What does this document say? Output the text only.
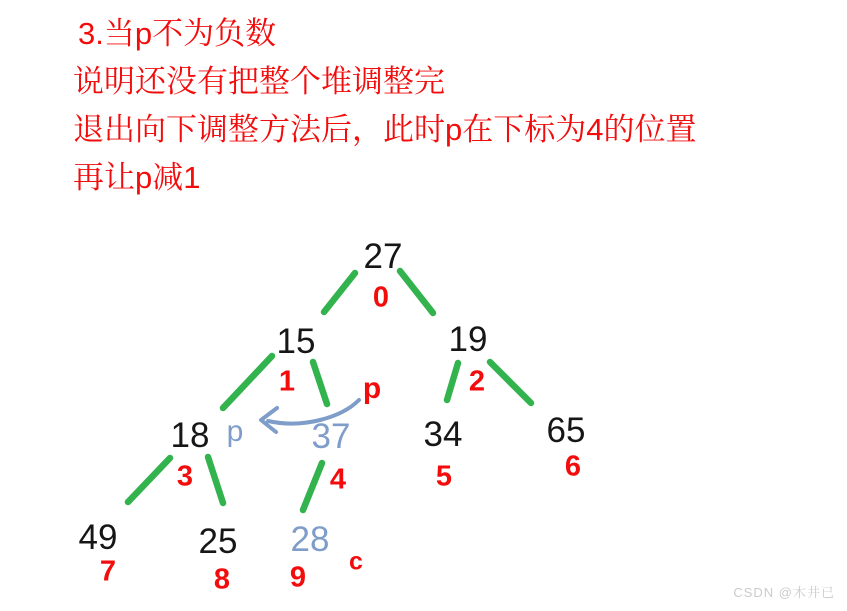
3.当p不为负数
说明还没有把整个堆调整完
退出向下调整方法后，此时p在下标为4的位置
再让p减1
27
15	19
18	37 34 65
49 25 28
0
1	2
3	4	5	6
7	8 9
p
p
c
CSDN @木井已
